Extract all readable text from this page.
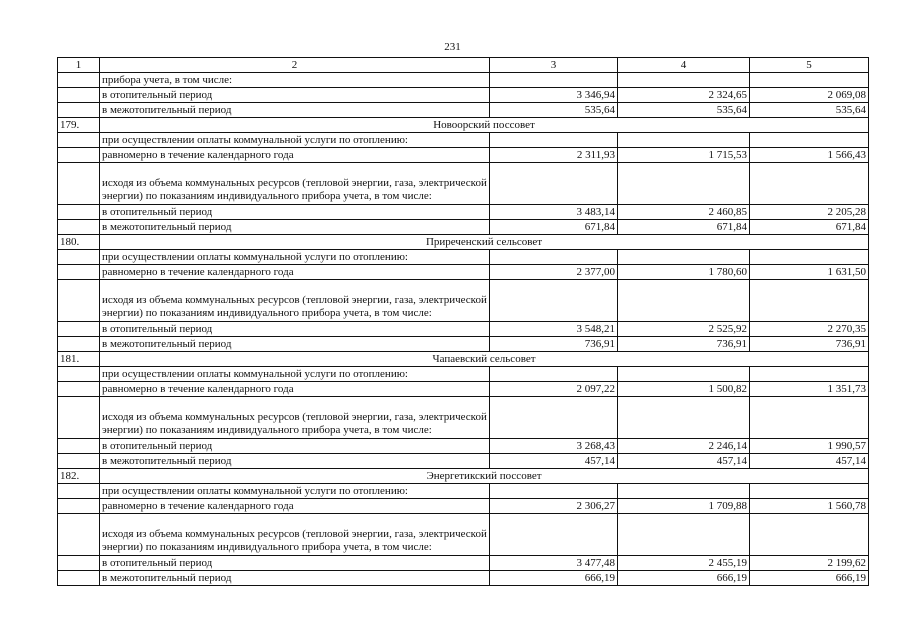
231
1	2	3	4	5
	прибора учета, в том числе:			
	в отопительный период	3 346,94	2 324,65	2 069,08
	в межотопительный период	535,64	535,64	535,64
179.	Новоорский поссовет			
	при осуществлении оплаты коммунальной услуги по отоплению:			
	равномерно в течение календарного года	2 311,93	1 715,53	1 566,43
	исходя из объема коммунальных ресурсов (тепловой энергии, газа, электрической энергии) по показаниям индивидуального прибора учета, в том числе:			
	в отопительный период	3 483,14	2 460,85	2 205,28
	в межотопительный период	671,84	671,84	671,84
180.	Приреченский сельсовет			
	при осуществлении оплаты коммунальной услуги по отоплению:			
	равномерно в течение календарного года	2 377,00	1 780,60	1 631,50
	исходя из объема коммунальных ресурсов (тепловой энергии, газа, электрической энергии) по показаниям индивидуального прибора учета, в том числе:			
	в отопительный период	3 548,21	2 525,92	2 270,35
	в межотопительный период	736,91	736,91	736,91
181.	Чапаевский сельсовет			
	при осуществлении оплаты коммунальной услуги по отоплению:			
	равномерно в течение календарного года	2 097,22	1 500,82	1 351,73
	исходя из объема коммунальных ресурсов (тепловой энергии, газа, электрической энергии) по показаниям индивидуального прибора учета, в том числе:			
	в отопительный период	3 268,43	2 246,14	1 990,57
	в межотопительный период	457,14	457,14	457,14
182.	Энергетикский поссовет			
	при осуществлении оплаты коммунальной услуги по отоплению:			
	равномерно в течение календарного года	2 306,27	1 709,88	1 560,78
	исходя из объема коммунальных ресурсов (тепловой энергии, газа, электрической энергии) по показаниям индивидуального прибора учета, в том числе:			
	в отопительный период	3 477,48	2 455,19	2 199,62
	в межотопительный период	666,19	666,19	666,19
